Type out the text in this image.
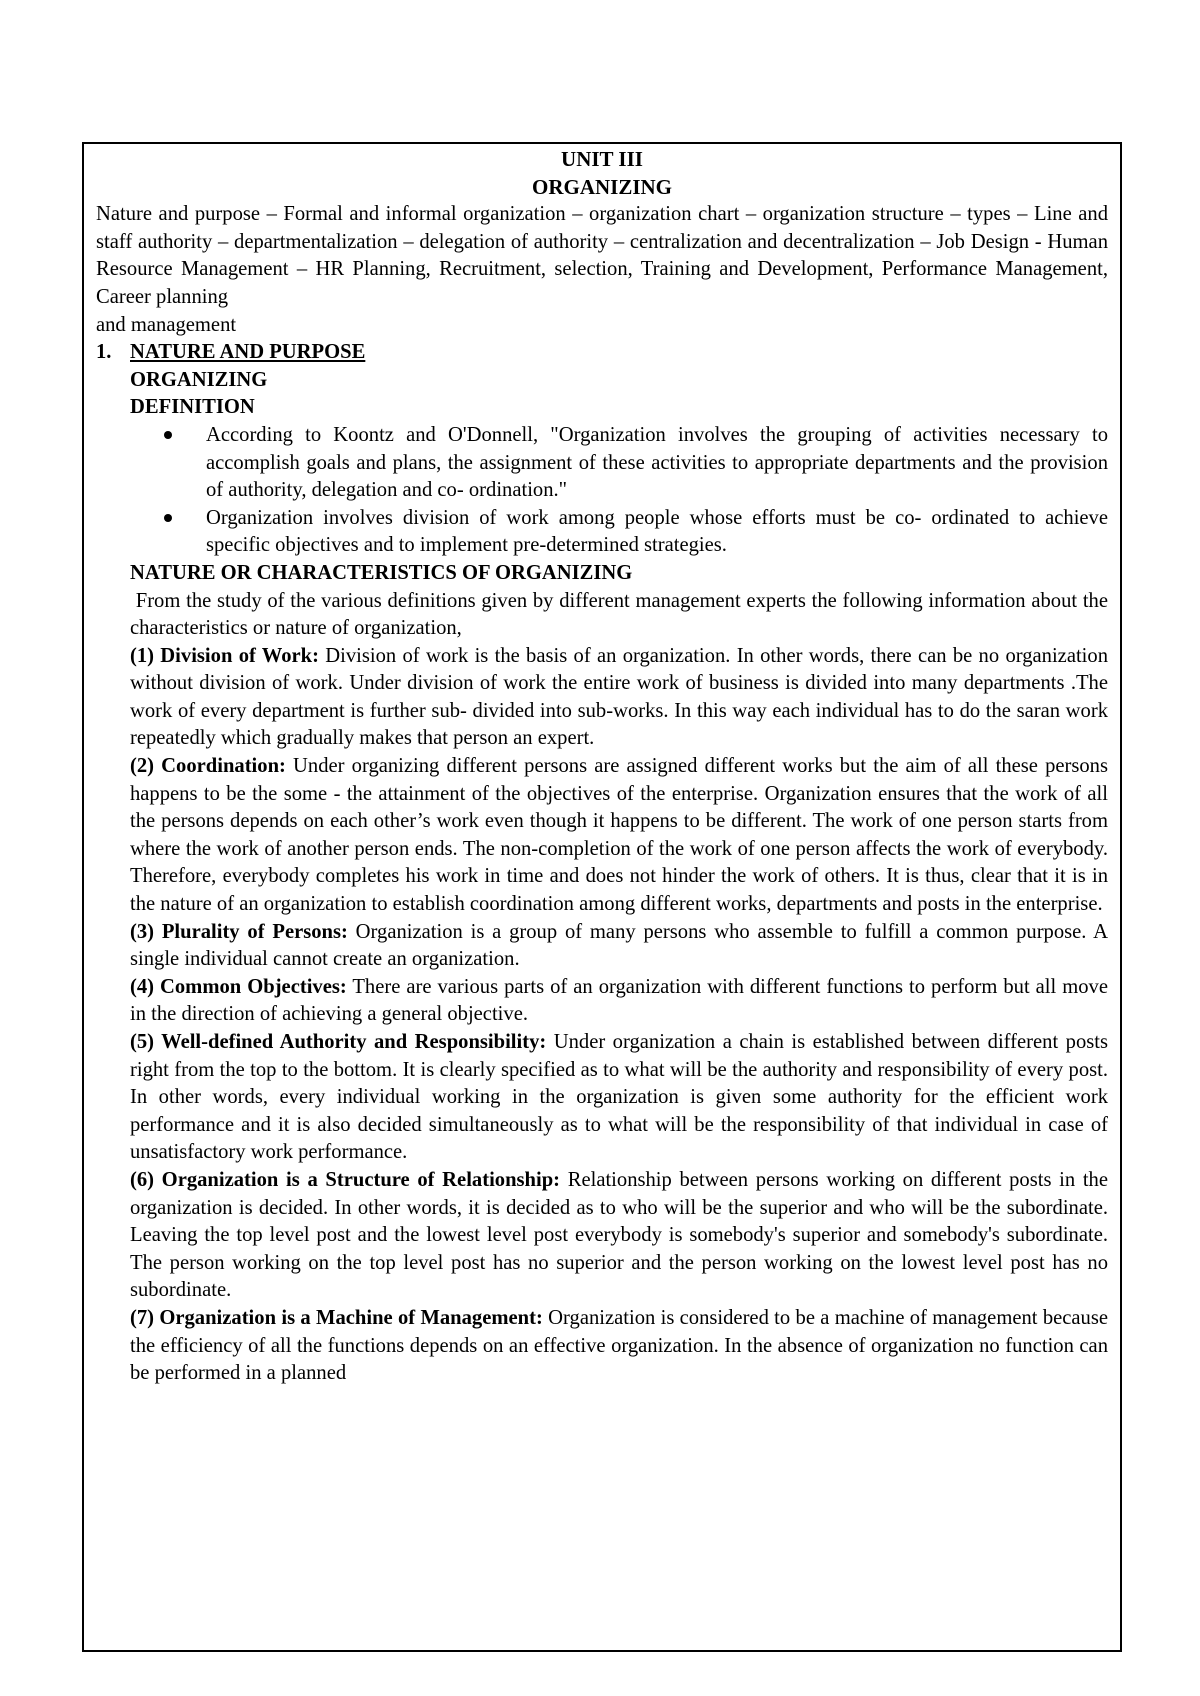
UNIT III
ORGANIZING
Nature and purpose – Formal and informal organization – organization chart – organization structure – types – Line and staff authority – departmentalization – delegation of authority – centralization and decentralization – Job Design - Human Resource Management – HR Planning, Recruitment, selection, Training and Development, Performance Management, Career planning
and management
1. NATURE AND PURPOSE
ORGANIZING
DEFINITION
According to Koontz and O'Donnell, "Organization involves the grouping of activities necessary to accomplish goals and plans, the assignment of these activities to appropriate departments and the provision of authority, delegation and co- ordination."
Organization involves division of work among people whose efforts must be co- ordinated to achieve specific objectives and to implement pre-determined strategies.
NATURE OR CHARACTERISTICS OF ORGANIZING
From the study of the various definitions given by different management experts the following information about the characteristics or nature of organization,
(1) Division of Work: Division of work is the basis of an organization. In other words, there can be no organization without division of work. Under division of work the entire work of business is divided into many departments .The work of every department is further sub- divided into sub-works. In this way each individual has to do the saran work repeatedly which gradually makes that person an expert.
(2) Coordination: Under organizing different persons are assigned different works but the aim of all these persons happens to be the some - the attainment of the objectives of the enterprise. Organization ensures that the work of all the persons depends on each other’s work even though it happens to be different. The work of one person starts from where the work of another person ends. The non-completion of the work of one person affects the work of everybody. Therefore, everybody completes his work in time and does not hinder the work of others. It is thus, clear that it is in the nature of an organization to establish coordination among different works, departments and posts in the enterprise.
(3) Plurality of Persons: Organization is a group of many persons who assemble to fulfill a common purpose. A single individual cannot create an organization.
(4) Common Objectives: There are various parts of an organization with different functions to perform but all move in the direction of achieving a general objective.
(5) Well-defined Authority and Responsibility: Under organization a chain is established between different posts right from the top to the bottom. It is clearly specified as to what will be the authority and responsibility of every post. In other words, every individual working in the organization is given some authority for the efficient work performance and it is also decided simultaneously as to what will be the responsibility of that individual in case of unsatisfactory work performance.
(6) Organization is a Structure of Relationship: Relationship between persons working on different posts in the organization is decided. In other words, it is decided as to who will be the superior and who will be the subordinate. Leaving the top level post and the lowest level post everybody is somebody's superior and somebody's subordinate. The person working on the top level post has no superior and the person working on the lowest level post has no subordinate.
(7) Organization is a Machine of Management: Organization is considered to be a machine of management because the efficiency of all the functions depends on an effective organization. In the absence of organization no function can be performed in a planned
